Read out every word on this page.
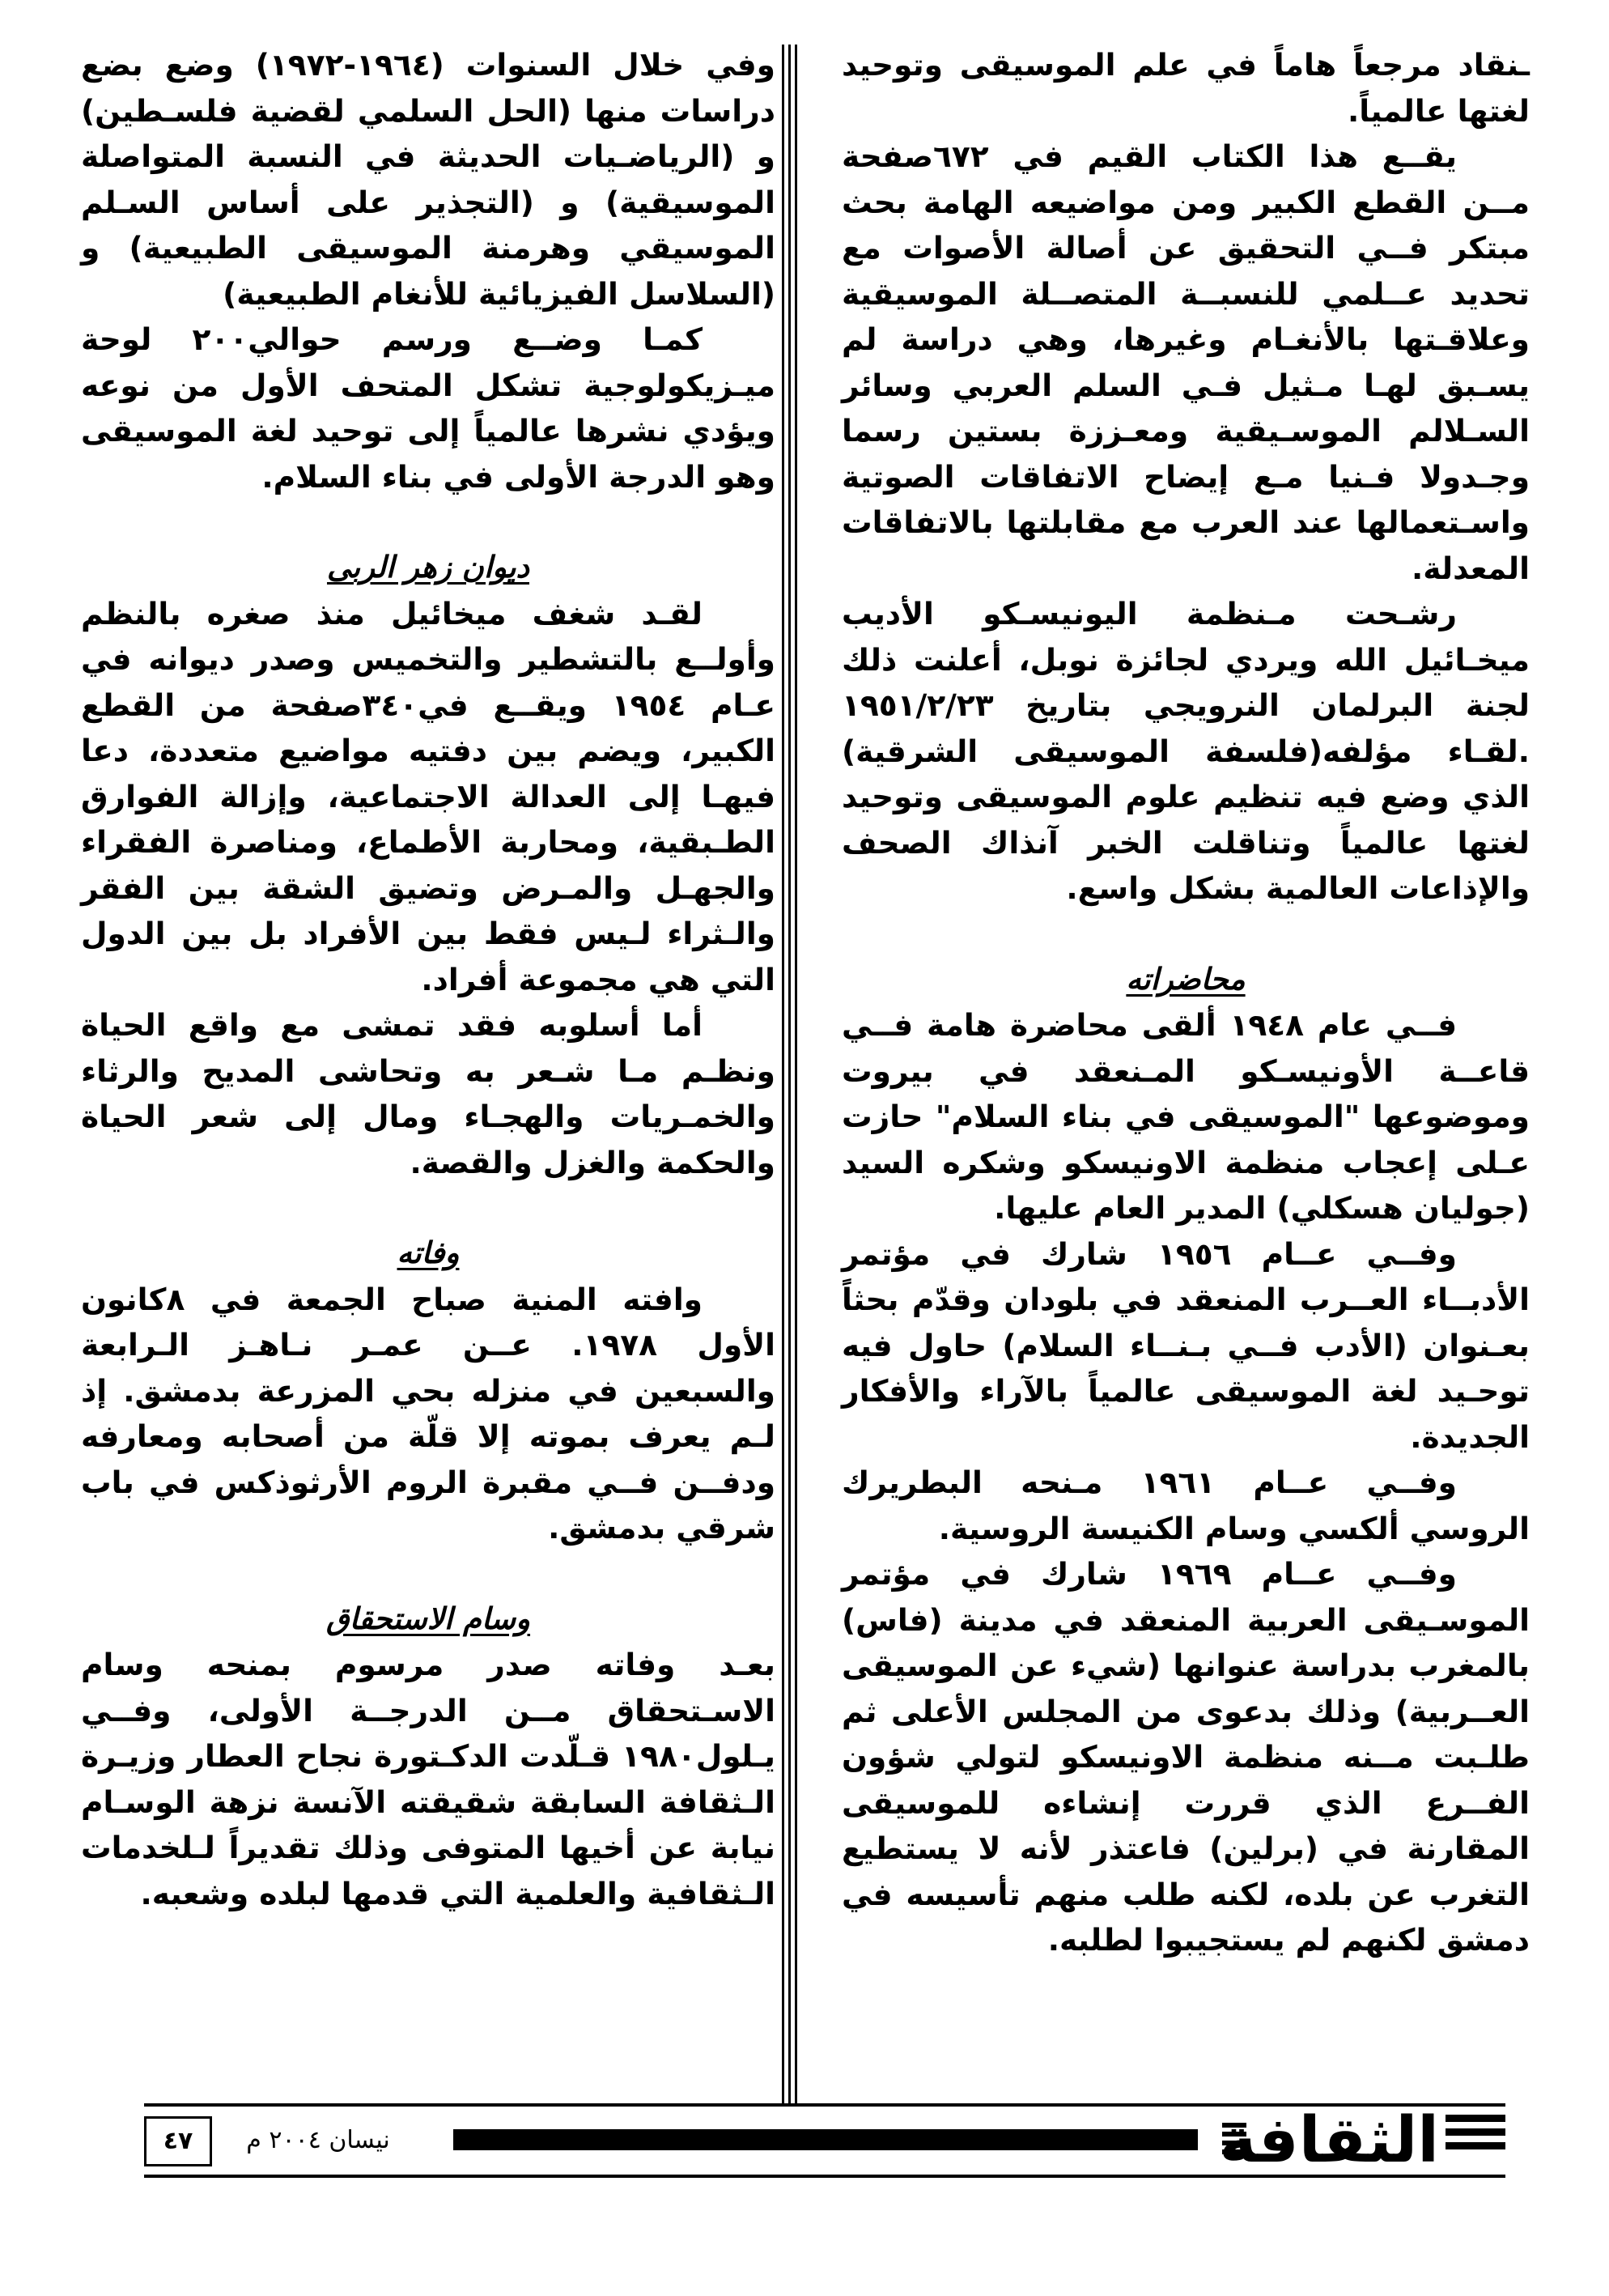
ـنقاد مرجعاً هاماً في علم الموسيقى وتوحيد لغتها عالمياً.

يقــع هذا الكتاب القيم في ٦٧٢صفحة مــن القطع الكبير ومن مواضيعه الهامة بحث مبتكر فــي التحقيق عن أصالة الأصوات مع تحديد عــلمي للنسبــة المتصــلة الموسيقية وعلاقـتها بالأنغـام وغيرها، وهي دراسة لم يسـبق لهـا مـثيل فـي السلم العربي وسائر السـلالم الموسـيقية ومعـززة بستين رسما وجـدولا فـنيا مـع إيضاح الاتفاقات الصوتية واسـتعمالها عند العرب مع مقابلتها بالاتفاقات المعدلة.

رشـحت مـنظمة اليونيسـكو الأديب ميخـائيل الله ويردي لجائزة نوبل، أعلنت ذلك لجنة البرلمان النرويجي بتاريخ ١٩٥١/٢/٢٣ .لقـاء مؤلفه(فلسفة الموسيقى الشرقية) الذي وضع فيه تنظيم علوم الموسيقى وتوحيد لغتها عالمياً وتناقلت الخبر آنذاك الصحف والإذاعات العالمية بشكل واسع.

محاضراته

فــي عام ١٩٤٨ ألقى محاضرة هامة فــي قاعــة الأونيسـكو المـنعقد في بيروت وموضوعها "الموسيقى في بناء السلام" حازت عـلى إعجاب منظمة الاونيسكو وشكره السيد (جوليان هسكلي) المدير العام عليها.

وفــي عــام ١٩٥٦ شارك في مؤتمر الأدبــاء العــرب المنعقد في بلودان وقدّم بحثاً بعـنوان (الأدب فــي بـنــاء السلام) حاول فيه توحـيد لغة الموسيقى عالمياً بالآراء والأفكار الجديدة.

وفــي عــام ١٩٦١ مـنحه البطريرك الروسي ألكسي وسام الكنيسة الروسية.

وفــي عــام ١٩٦٩ شارك في مؤتمر الموسـيقى العربية المنعقد في مدينة (فاس) بالمغرب بدراسة عنوانها (شيء عن الموسيقى العــربية) وذلك بدعوى من المجلس الأعلى ثم طلـبت مــنه منظمة الاونيسكو لتولي شؤون الفــرع الذي قررت إنشاءه للموسيقى المقارنة في (برلين) فاعتذر لأنه لا يستطيع التغرب عن بلده، لكنه طلب منهم تأسيسه في دمشق لكنهم لم يستجيبوا لطلبه.

وفي خلال السنوات (١٩٦٤-١٩٧٢) وضع بضع دراسات منها (الحل السلمي لقضية فلسـطين) و (الرياضـيات الحديثة في النسبة المتواصلة الموسيقية) و (التجذير على أساس السـلم الموسيقي وهرمنة الموسيقى الطبيعية) و (السلاسل الفيزيائية للأنغام الطبيعية)

كمـا وضــع ورسم حوالي٢٠٠ لوحة ميـزيكولوجية تشكل المتحف الأول من نوعه ويؤدي نشرها عالمياً إلى توحيد لغة الموسيقى وهو الدرجة الأولى في بناء السلام.

ديوان زهر الربى

لقـد شغف ميخائيل منذ صغره بالنظم وأولــع بالتشطير والتخميس وصدر ديوانه في عـام ١٩٥٤ ويقــع في٣٤٠صفحة من القطع الكبير، ويضم بين دفتيه مواضيع متعددة، دعا فيهـا إلى العدالة الاجتماعية، وإزالة الفوارق الطـبقية، ومحاربة الأطماع، ومناصرة الفقراء والجهـل والمـرض وتضيق الشقة بين الفقر والـثراء لـيس فقط بين الأفراد بل بين الدول التي هي مجموعة أفراد.

أما أسلوبه فقد تمشى مع واقع الحياة ونظـم مـا شـعر به وتحاشى المديح والرثاء والخمـريات والهجـاء ومال إلى شعر الحياة والحكمة والغزل والقصة.

وفاته

وافته المنية صباح الجمعة في ٨كانون الأول ١٩٧٨. عــن عمـر نـاهـز الـرابعة والسبعين في منزله بحي المزرعة بدمشق. إذ لـم يعرف بموته إلا قلّة من أصحابه ومعارفه ودفــن فــي مقبرة الروم الأرثوذكس في باب شرقي بدمشق.

وسام الاستحقاق

بعـد وفاته صدر مرسوم بمنحه وسام الاسـتحقاق مــن الدرجــة الأولى، وفــي يـلول١٩٨٠ قـلّدت الدكـتورة نجاح العطار وزيـرة الـثقافة السابقة شقيقته الآنسة نزهة الوسـام نيابة عن أخيها المتوفى وذلك تقديراً لـلخدمات الـثقافية والعلمية التي قدمها لبلده وشعبه.

٤٧	نيسان ٢٠٠٤ م	الثقافة
